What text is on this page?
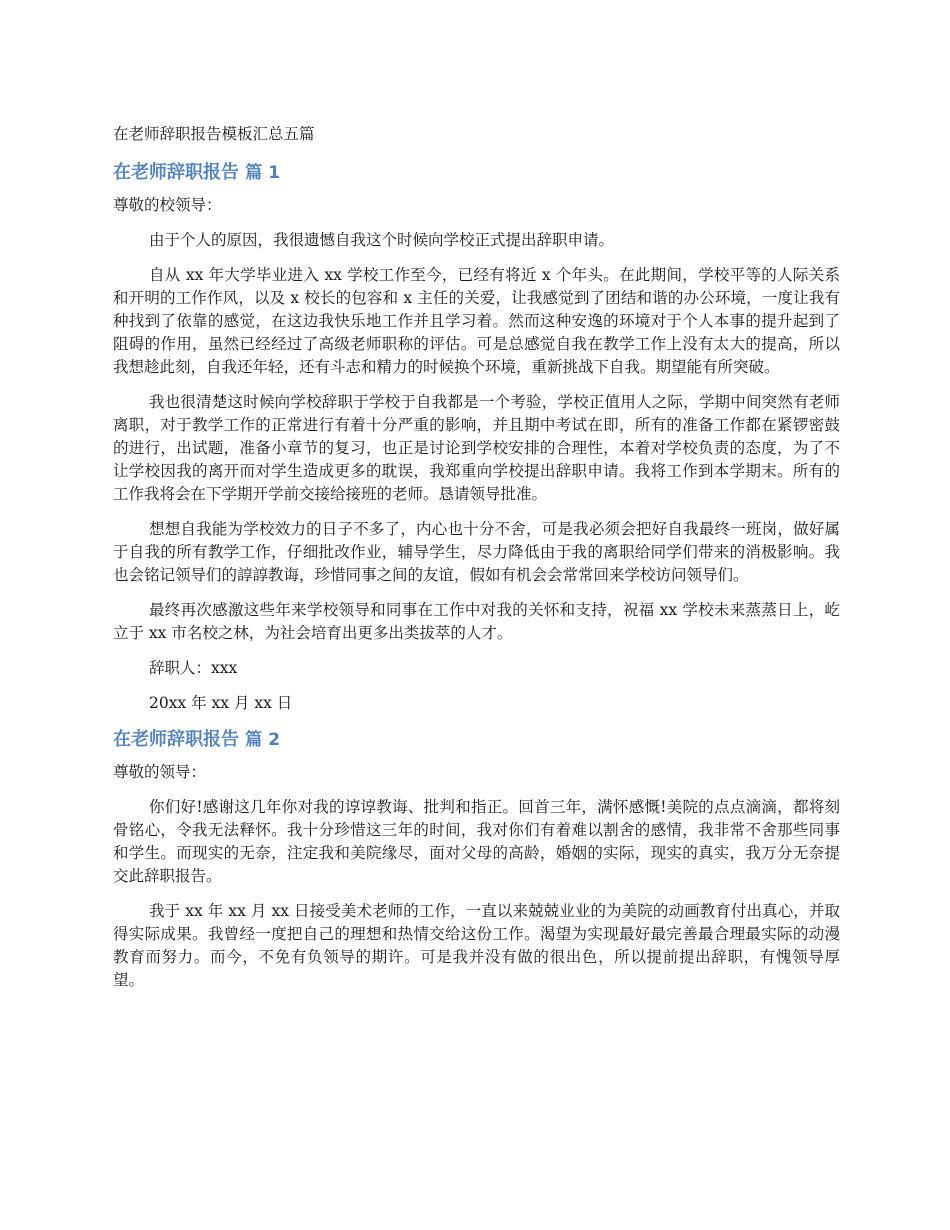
在老师辞职报告模板汇总五篇
在老师辞职报告 篇 1
尊敬的校领导：

由于个人的原因，我很遗憾自我这个时候向学校正式提出辞职申请。

自从 xx 年大学毕业进入 xx 学校工作至今，已经有将近 x 个年头。在此期间，学校平等的人际关系和开明的工作作风，以及 x 校长的包容和 x 主任的关爱，让我感觉到了团结和谐的办公环境，一度让我有种找到了依靠的感觉，在这边我快乐地工作并且学习着。然而这种安逸的环境对于个人本事的提升起到了阻碍的作用，虽然已经经过了高级老师职称的评估。可是总感觉自我在教学工作上没有太大的提高，所以我想趁此刻，自我还年轻，还有斗志和精力的时候换个环境，重新挑战下自我。期望能有所突破。

我也很清楚这时候向学校辞职于学校于自我都是一个考验，学校正值用人之际，学期中间突然有老师离职，对于教学工作的正常进行有着十分严重的影响，并且期中考试在即，所有的准备工作都在紧锣密鼓的进行，出试题，准备小章节的复习，也正是讨论到学校安排的合理性，本着对学校负责的态度，为了不让学校因我的离开而对学生造成更多的耽误，我郑重向学校提出辞职申请。我将工作到本学期末。所有的工作我将会在下学期开学前交接给接班的老师。恳请领导批准。

想想自我能为学校效力的日子不多了，内心也十分不舍，可是我必须会把好自我最终一班岗，做好属于自我的所有教学工作，仔细批改作业，辅导学生，尽力降低由于我的离职给同学们带来的消极影响。我也会铭记领导们的諄諄教诲，珍惜同事之间的友谊，假如有机会会常常回来学校访问领导们。

最终再次感激这些年来学校领导和同事在工作中对我的关怀和支持，祝福 xx 学校未来蒸蒸日上，屹立于 xx 市名校之林，为社会培育出更多出类拔萃的人才。

辞职人：xxx

20xx 年 xx 月 xx 日

在老师辞职报告 篇 2
尊敬的领导：

你们好!感谢这几年你对我的谆谆教诲、批判和指正。回首三年，满怀感慨!美院的点点滴滴，都将刻骨铭心，令我无法释怀。我十分珍惜这三年的时间，我对你们有着难以割舍的感情，我非常不舍那些同事和学生。而现实的无奈，注定我和美院缘尽，面对父母的高龄，婚姻的实际，现实的真实，我万分无奈提交此辞职报告。

我于 xx 年 xx 月 xx 日接受美术老师的工作，一直以来兢兢业业的为美院的动画教育付出真心，并取得实际成果。我曾经一度把自己的理想和热情交给这份工作。渴望为实现最好最完善最合理最实际的动漫教育而努力。而今，不免有负领导的期许。可是我并没有做的很出色，所以提前提出辞职，有愧领导厚望。
